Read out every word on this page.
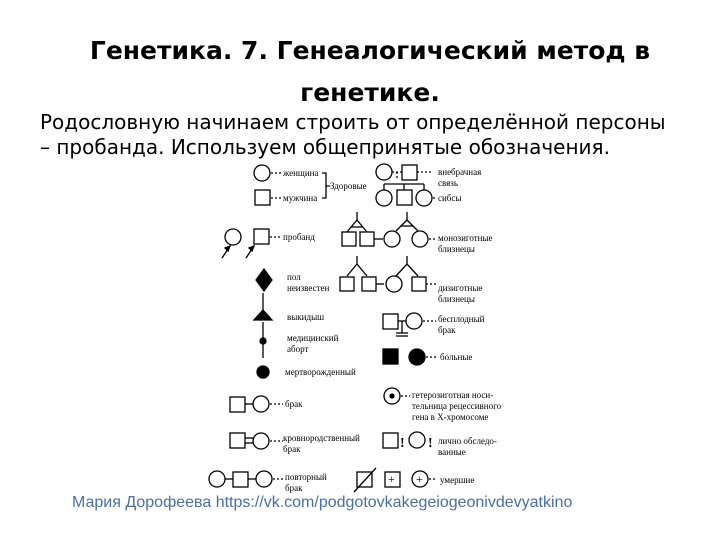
Генетика. 7. Генеалогический метод в
генетике.
Родословную начинаем строить от определённой персоны
– пробанда. Используем общепринятые обозначения.
женщина
мужчина
Здоровые
пробанд
пол
неизвестен
выкидыш
медицинский
аборт
мертворожденный
брак
кровнородственный
брак
повторный
брак
внебрачная
связь
сибсы
монозиготные
близнецы
дизиготные
близнецы
бесплодный
брак
больные
гетерозиготная носи-
тельница рецессивного
гена в Х-хромосоме
! ! лично обследо-
ванные
+ + умершие
Мария Дорофеева https://vk.com/podgotovkakegeiogeonivdevyatkino
